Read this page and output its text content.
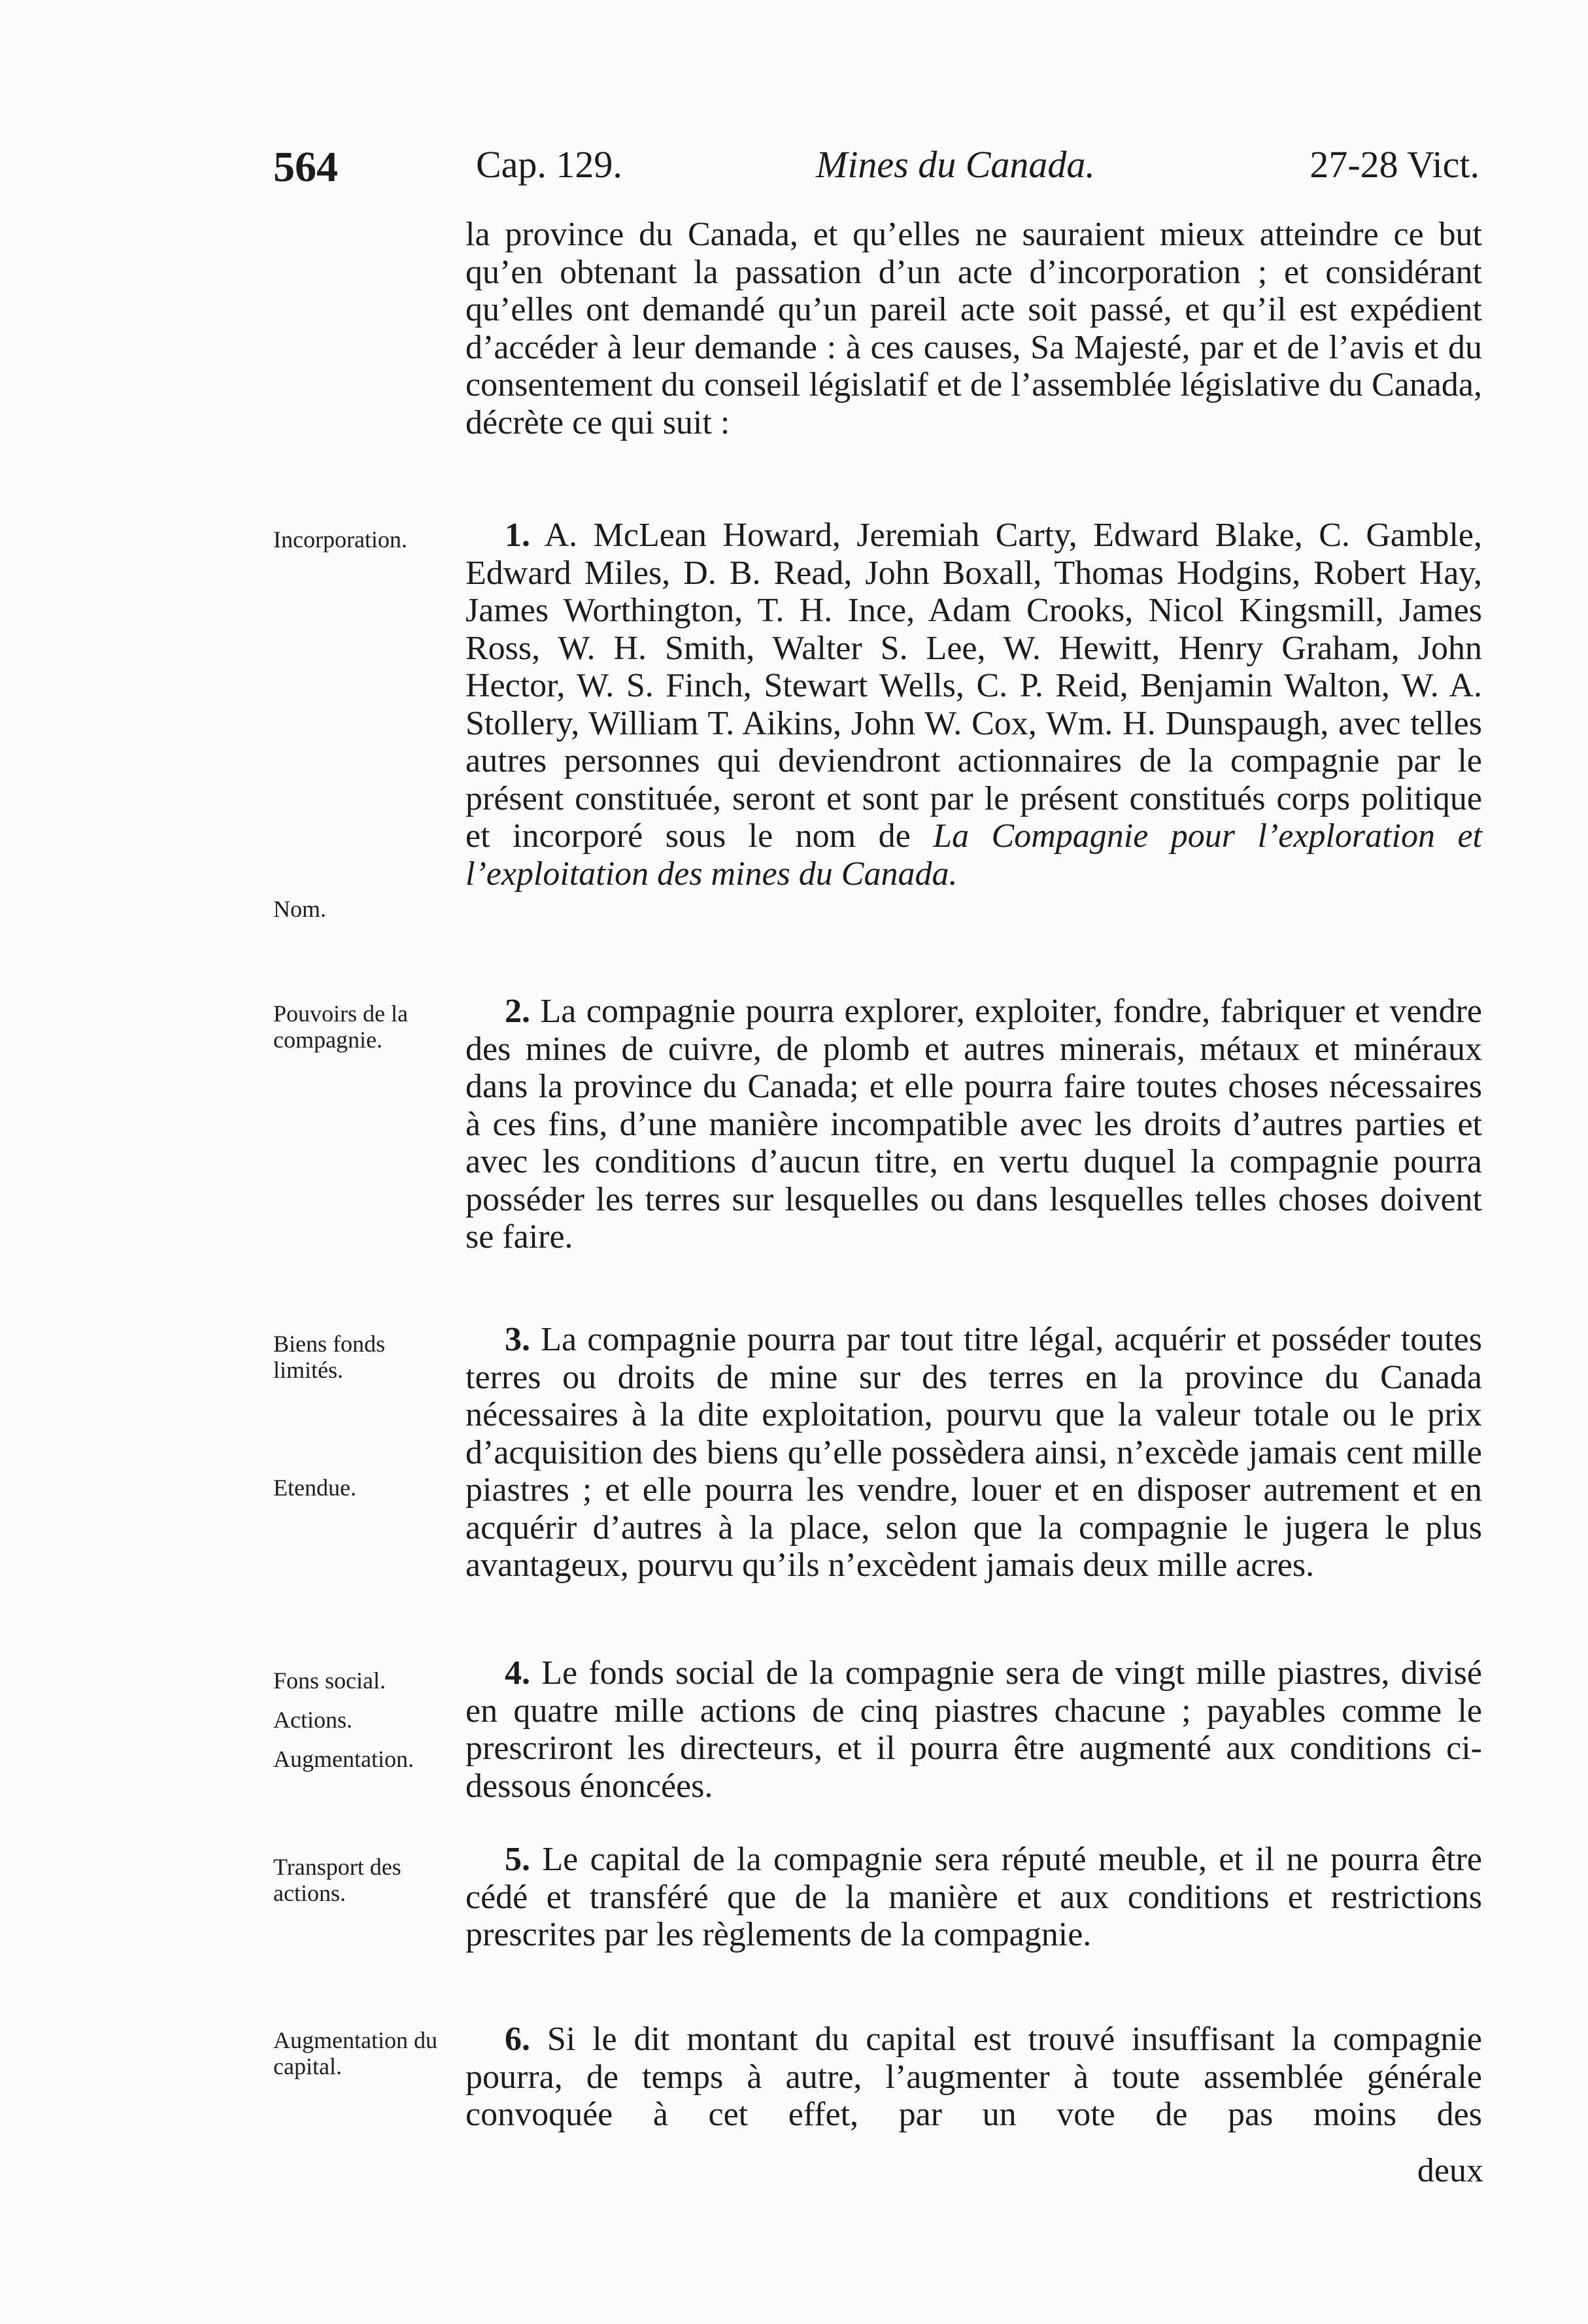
564	Cap. 129.	Mines du Canada.	27-28 Vict.

la province du Canada, et qu’elles ne sauraient mieux atteindre ce but qu’en obtenant la passation d’un acte d’incorporation ; et considérant qu’elles ont demandé qu’un pareil acte soit passé, et qu’il est expédient d’accéder à leur demande : à ces causes, Sa Majesté, par et de l’avis et du consentement du conseil législatif et de l’assemblée législative du Canada, décrète ce qui suit :

1. A. McLean Howard, Jeremiah Carty, Edward Blake, C. Gamble, Edward Miles, D. B. Read, John Boxall, Thomas Hodgins, Robert Hay, James Worthington, T. H. Ince, Adam Crooks, Nicol Kingsmill, James Ross, W. H. Smith, Walter S. Lee, W. Hewitt, Henry Graham, John Hector, W. S. Finch, Stewart Wells, C. P. Reid, Benjamin Walton, W. A. Stollery, William T. Aikins, John W. Cox, Wm. H. Dunspaugh, avec telles autres personnes qui deviendront actionnaires de la compagnie par le présent constituée, seront et sont par le présent constitués corps politique et incorporé sous le nom de La Compagnie pour l’exploration et l’exploitation des mines du Canada.

2. La compagnie pourra explorer, exploiter, fondre, fabriquer et vendre des mines de cuivre, de plomb et autres minerais, métaux et minéraux dans la province du Canada; et elle pourra faire toutes choses nécessaires à ces fins, d’une manière incompatible avec les droits d’autres parties et avec les conditions d’aucun titre, en vertu duquel la compagnie pourra posséder les terres sur lesquelles ou dans lesquelles telles choses doivent se faire.

3. La compagnie pourra par tout titre légal, acquérir et posséder toutes terres ou droits de mine sur des terres en la province du Canada nécessaires à la dite exploitation, pourvu que la valeur totale ou le prix d’acquisition des biens qu’elle possèdera ainsi, n’excède jamais cent mille piastres ; et elle pourra les vendre, louer et en disposer autrement et en acquérir d’autres à la place, selon que la compagnie le jugera le plus avantageux, pourvu qu’ils n’excèdent jamais deux mille acres.

4. Le fonds social de la compagnie sera de vingt mille piastres, divisé en quatre mille actions de cinq piastres chacune ; payables comme le prescriront les directeurs, et il pourra être augmenté aux conditions ci-dessous énoncées.

5. Le capital de la compagnie sera réputé meuble, et il ne pourra être cédé et transféré que de la manière et aux conditions et restrictions prescrites par les règlements de la compagnie.

6. Si le dit montant du capital est trouvé insuffisant la compagnie pourra, de temps à autre, l’augmenter à toute assemblée générale convoquée à cet effet, par un vote de pas moins des

deux
Incorporation.
Nom.
Pouvoirs de la compagnie.
Biens fonds limités.
Etendue.
Fons social.
Actions.
Augmentation.
Transport des actions.
Augmentation du capital.
